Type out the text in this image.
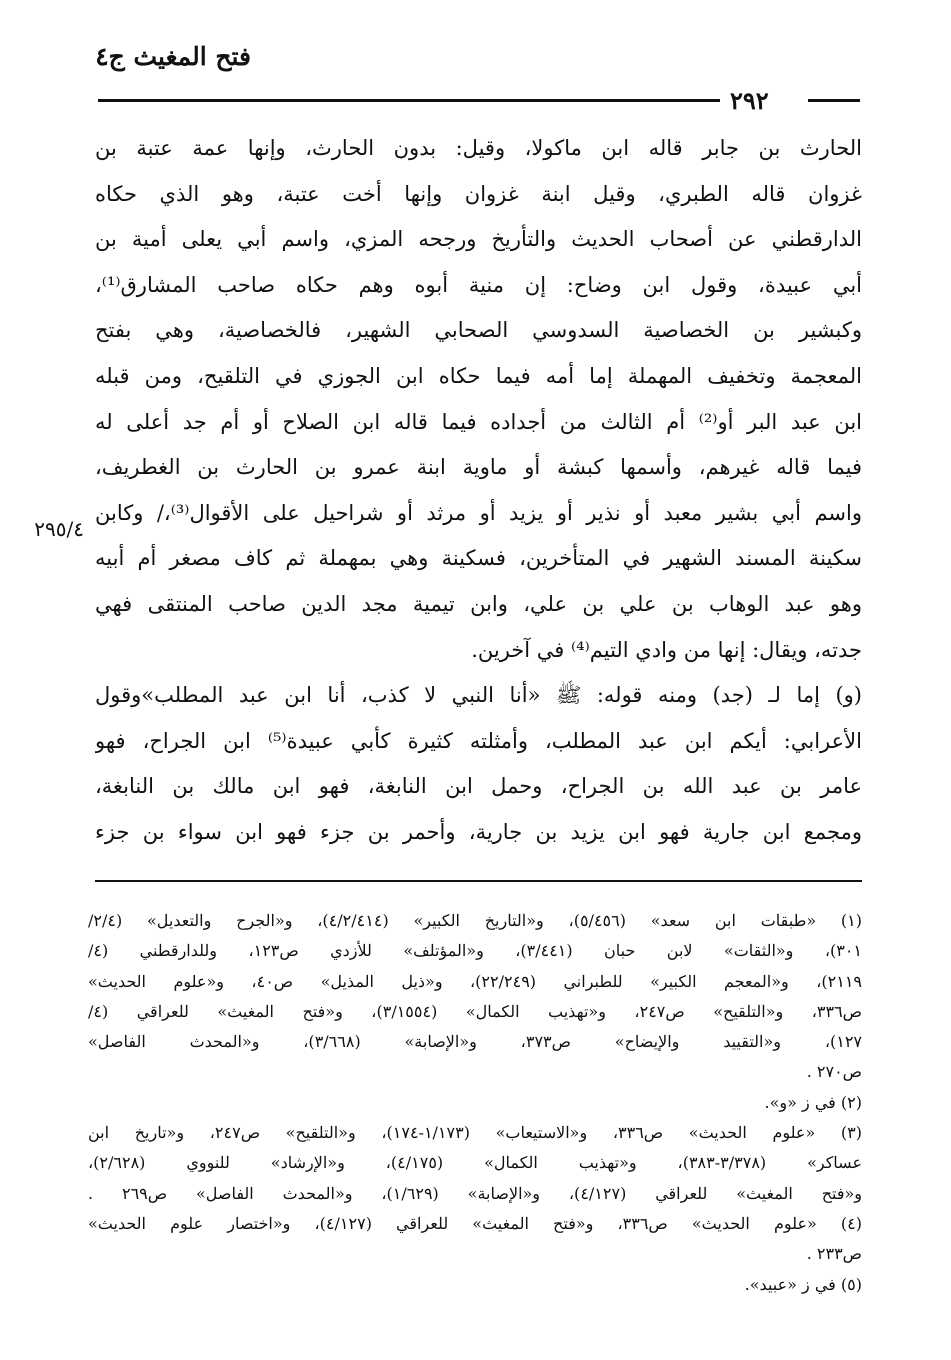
فتح المغيث ج٤
٢٩٢
٢٩٥/٤
الحارث بن جابر قاله ابن ماكولا، وقيل: بدون الحارث، وإنها عمة عتبة بن
غزوان قاله الطبري، وقيل ابنة غزوان وإنها أخت عتبة، وهو الذي حكاه
الدارقطني عن أصحاب الحديث والتأريخ ورجحه المزي، واسم أبي يعلى أمية بن
أبي عبيدة، وقول ابن وضاح: إن منية أبوه وهم حكاه صاحب المشارق⁽¹⁾،
وكبشير بن الخصاصية السدوسي الصحابي الشهير، فالخصاصية، وهي بفتح
المعجمة وتخفيف المهملة إما أمه فيما حكاه ابن الجوزي في التلقيح، ومن قبله
ابن عبد البر أو⁽²⁾ أم الثالث من أجداده فيما قاله ابن الصلاح أو أم جد أعلى له
فيما قاله غيرهم، وأسمها كبشة أو ماوية ابنة عمرو بن الحارث بن الغطريف،
واسم أبي بشير معبد أو نذير أو يزيد أو مرثد أو شراحيل على الأقوال⁽³⁾،/ وكابن
سكينة المسند الشهير في المتأخرين، فسكينة وهي بمهملة ثم كاف مصغر أم أبيه
وهو عبد الوهاب بن علي بن علي، وابن تيمية مجد الدين صاحب المنتقى فهي
جدته، ويقال: إنها من وادي التيم⁽⁴⁾ في آخرين.
(و) إما لـ (جد) ومنه قوله: ﷺ «أنا النبي لا كذب، أنا ابن عبد المطلب»وقول
الأعرابي: أيكم ابن عبد المطلب، وأمثلته كثيرة كأبي عبيدة⁽⁵⁾ ابن الجراح، فهو
عامر بن عبد الله بن الجراح، وحمل ابن النابغة، فهو ابن مالك بن النابغة،
ومجمع ابن جارية فهو ابن يزيد بن جارية، وأحمر بن جزء فهو ابن سواء بن جزء
(١) «طبقات ابن سعد» (٥/٤٥٦)، و«التاريخ الكبير» (٤/٢/٤١٤)، و«الجرح والتعديل» (٢/٤/
٣٠١)، و«الثقات» لابن حبان (٣/٤٤١)، و«المؤتلف» للأزدي ص١٢٣، وللدارقطني (٤/
٢١١٩)، و«المعجم الكبير» للطبراني (٢٢/٢٤٩)، و«ذيل المذيل» ص٤٠، و«علوم الحديث»
ص٣٣٦، و«التلقيح» ص٢٤٧، و«تهذيب الكمال» (٣/١٥٥٤)، و«فتح المغيث» للعراقي (٤/
١٢٧)، و«التقييد والإيضاح» ص٣٧٣، و«الإصابة» (٣/٦٦٨)، و«المحدث الفاصل»
ص٢٧٠ .
(٢) في ز «و».
(٣) «علوم الحديث» ص٣٣٦، و«الاستيعاب» (١/١٧٣-١٧٤)، و«التلقيح» ص٢٤٧، و«تاريخ ابن
عساكر» (٣/٣٧٨-٣٨٣)، و«تهذيب الكمال» (٤/١٧٥)، و«الإرشاد» للنووي (٢/٦٢٨)،
و«فتح المغيث» للعراقي (٤/١٢٧)، و«الإصابة» (١/٦٢٩)، و«المحدث الفاصل» ص٢٦٩ .
(٤) «علوم الحديث» ص٣٣٦، و«فتح المغيث» للعراقي (٤/١٢٧)، و«اختصار علوم الحديث»
ص٢٣٣ .
(٥) في ز «عبيد».
